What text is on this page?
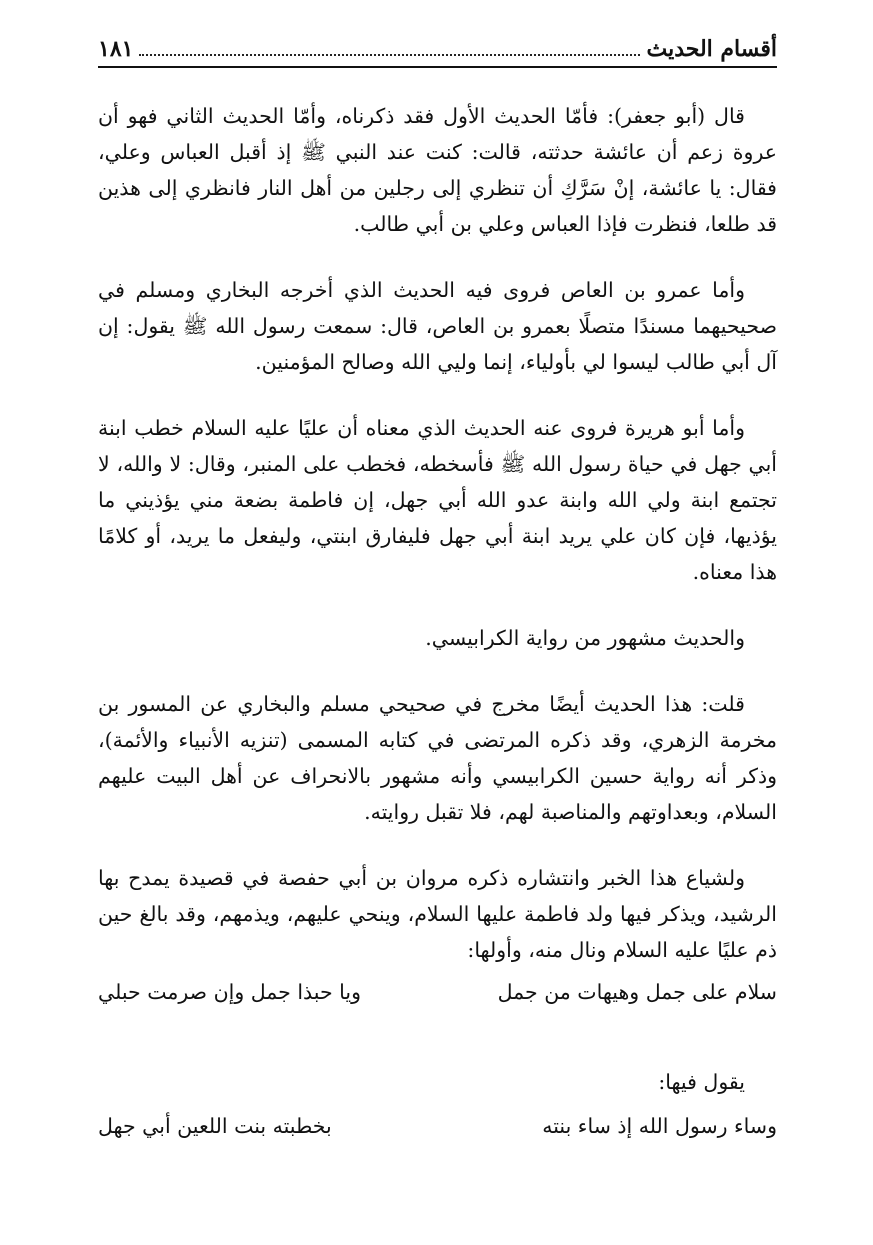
أقسام الحديث
١٨١

قال (أبو جعفر): فأمّا الحديث الأول فقد ذكرناه، وأمّا الحديث الثاني فهو أن عروة زعم أن عائشة حدثته، قالت: كنت عند النبي ﷺ إذ أقبل العباس وعلي، فقال: يا عائشة، إنْ سَرَّكِ أن تنظري إلى رجلين من أهل النار فانظري إلى هذين قد طلعا، فنظرت فإذا العباس وعلي بن أبي طالب.

وأما عمرو بن العاص فروى فيه الحديث الذي أخرجه البخاري ومسلم في صحيحيهما مسندًا متصلًا بعمرو بن العاص، قال: سمعت رسول الله ﷺ يقول: إن آل أبي طالب ليسوا لي بأولياء، إنما وليي الله وصالح المؤمنين.

وأما أبو هريرة فروى عنه الحديث الذي معناه أن عليًا عليه السلام خطب ابنة أبي جهل في حياة رسول الله ﷺ فأسخطه، فخطب على المنبر، وقال: لا والله، لا تجتمع ابنة ولي الله وابنة عدو الله أبي جهل، إن فاطمة بضعة مني يؤذيني ما يؤذيها، فإن كان علي يريد ابنة أبي جهل فليفارق ابنتي، وليفعل ما يريد، أو كلامًا هذا معناه.

والحديث مشهور من رواية الكرابيسي.

قلت: هذا الحديث أيضًا مخرج في صحيحي مسلم والبخاري عن المسور بن مخرمة الزهري، وقد ذكره المرتضى في كتابه المسمى (تنزيه الأنبياء والأئمة)، وذكر أنه رواية حسين الكرابيسي وأنه مشهور بالانحراف عن أهل البيت عليهم السلام، وبعداوتهم والمناصبة لهم، فلا تقبل روايته.

ولشياع هذا الخبر وانتشاره ذكره مروان بن أبي حفصة في قصيدة يمدح بها الرشيد، ويذكر فيها ولد فاطمة عليها السلام، وينحي عليهم، ويذمهم، وقد بالغ حين ذم عليًا عليه السلام ونال منه، وأولها:

سلام على جمل وهيهات من جمل
ويا حبذا جمل وإن صرمت حبلي

يقول فيها:

وساء رسول الله إذ ساء بنته
بخطبته بنت اللعين أبي جهل
